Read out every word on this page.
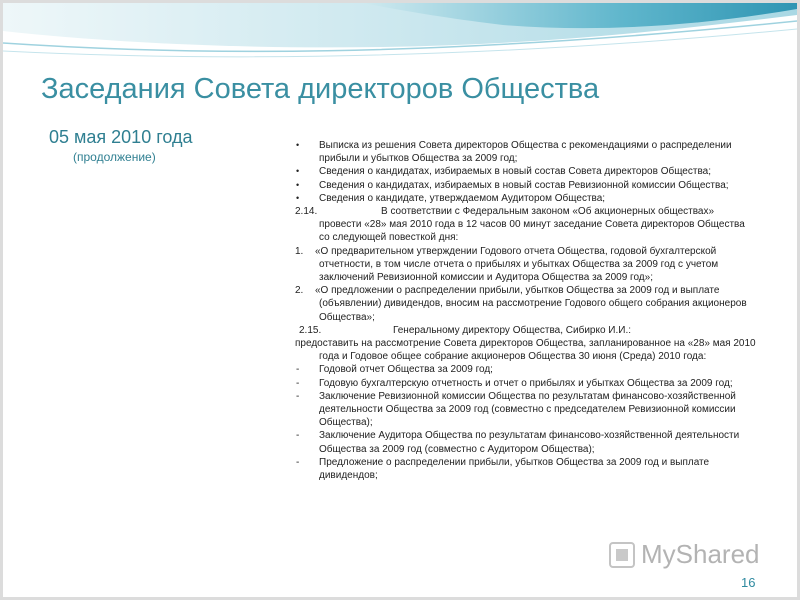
Заседания Совета директоров Общества
05 мая 2010 года
(продолжение)

• Выписка из решения Совета директоров Общества с рекомендациями о распределении прибыли и убытков Общества за 2009 год;

• Сведения о кандидатах, избираемых в новый состав Совета директоров Общества;

• Сведения о кандидатах, избираемых в новый состав Ревизионной комиссии Общества;

• Сведения о кандидате, утверждаемом Аудитором Общества;

2.14.	В соответствии с Федеральным законом «Об акционерных обществах» провести «28» мая 2010 года в 12 часов 00 минут заседание Совета директоров Общества со следующей повесткой дня:

1. «О предварительном утверждении Годового отчета Общества, годовой бухгалтерской отчетности, в том числе отчета о прибылях и убытках Общества за 2009 год с учетом заключений Ревизионной комиссии и Аудитора Общества за 2009 год»;

2. «О предложении о распределении прибыли, убытков Общества за 2009 год и выплате (объявлении) дивидендов, вносим на рассмотрение Годового общего собрания акционеров Общества»;

2.15.	Генеральному директору Общества, Сибирко И.И.:

предоставить на рассмотрение Совета директоров Общества, запланированное на «28» мая 2010 года и Годовое общее собрание акционеров Общества 30 июня (Среда) 2010 года:

- Годовой отчет Общества за 2009 год;

- Годовую бухгалтерскую отчетность и отчет о прибылях и убытках Общества за 2009 год;

- Заключение Ревизионной комиссии Общества по результатам финансово-хозяйственной деятельности Общества за 2009 год (совместно с председателем Ревизионной комиссии Общества);

- Заключение Аудитора Общества по результатам финансово-хозяйственной деятельности Общества за 2009 год (совместно с Аудитором Общества);

- Предложение о распределении прибыли, убытков Общества за 2009 год и выплате дивидендов;

MyShared
16
